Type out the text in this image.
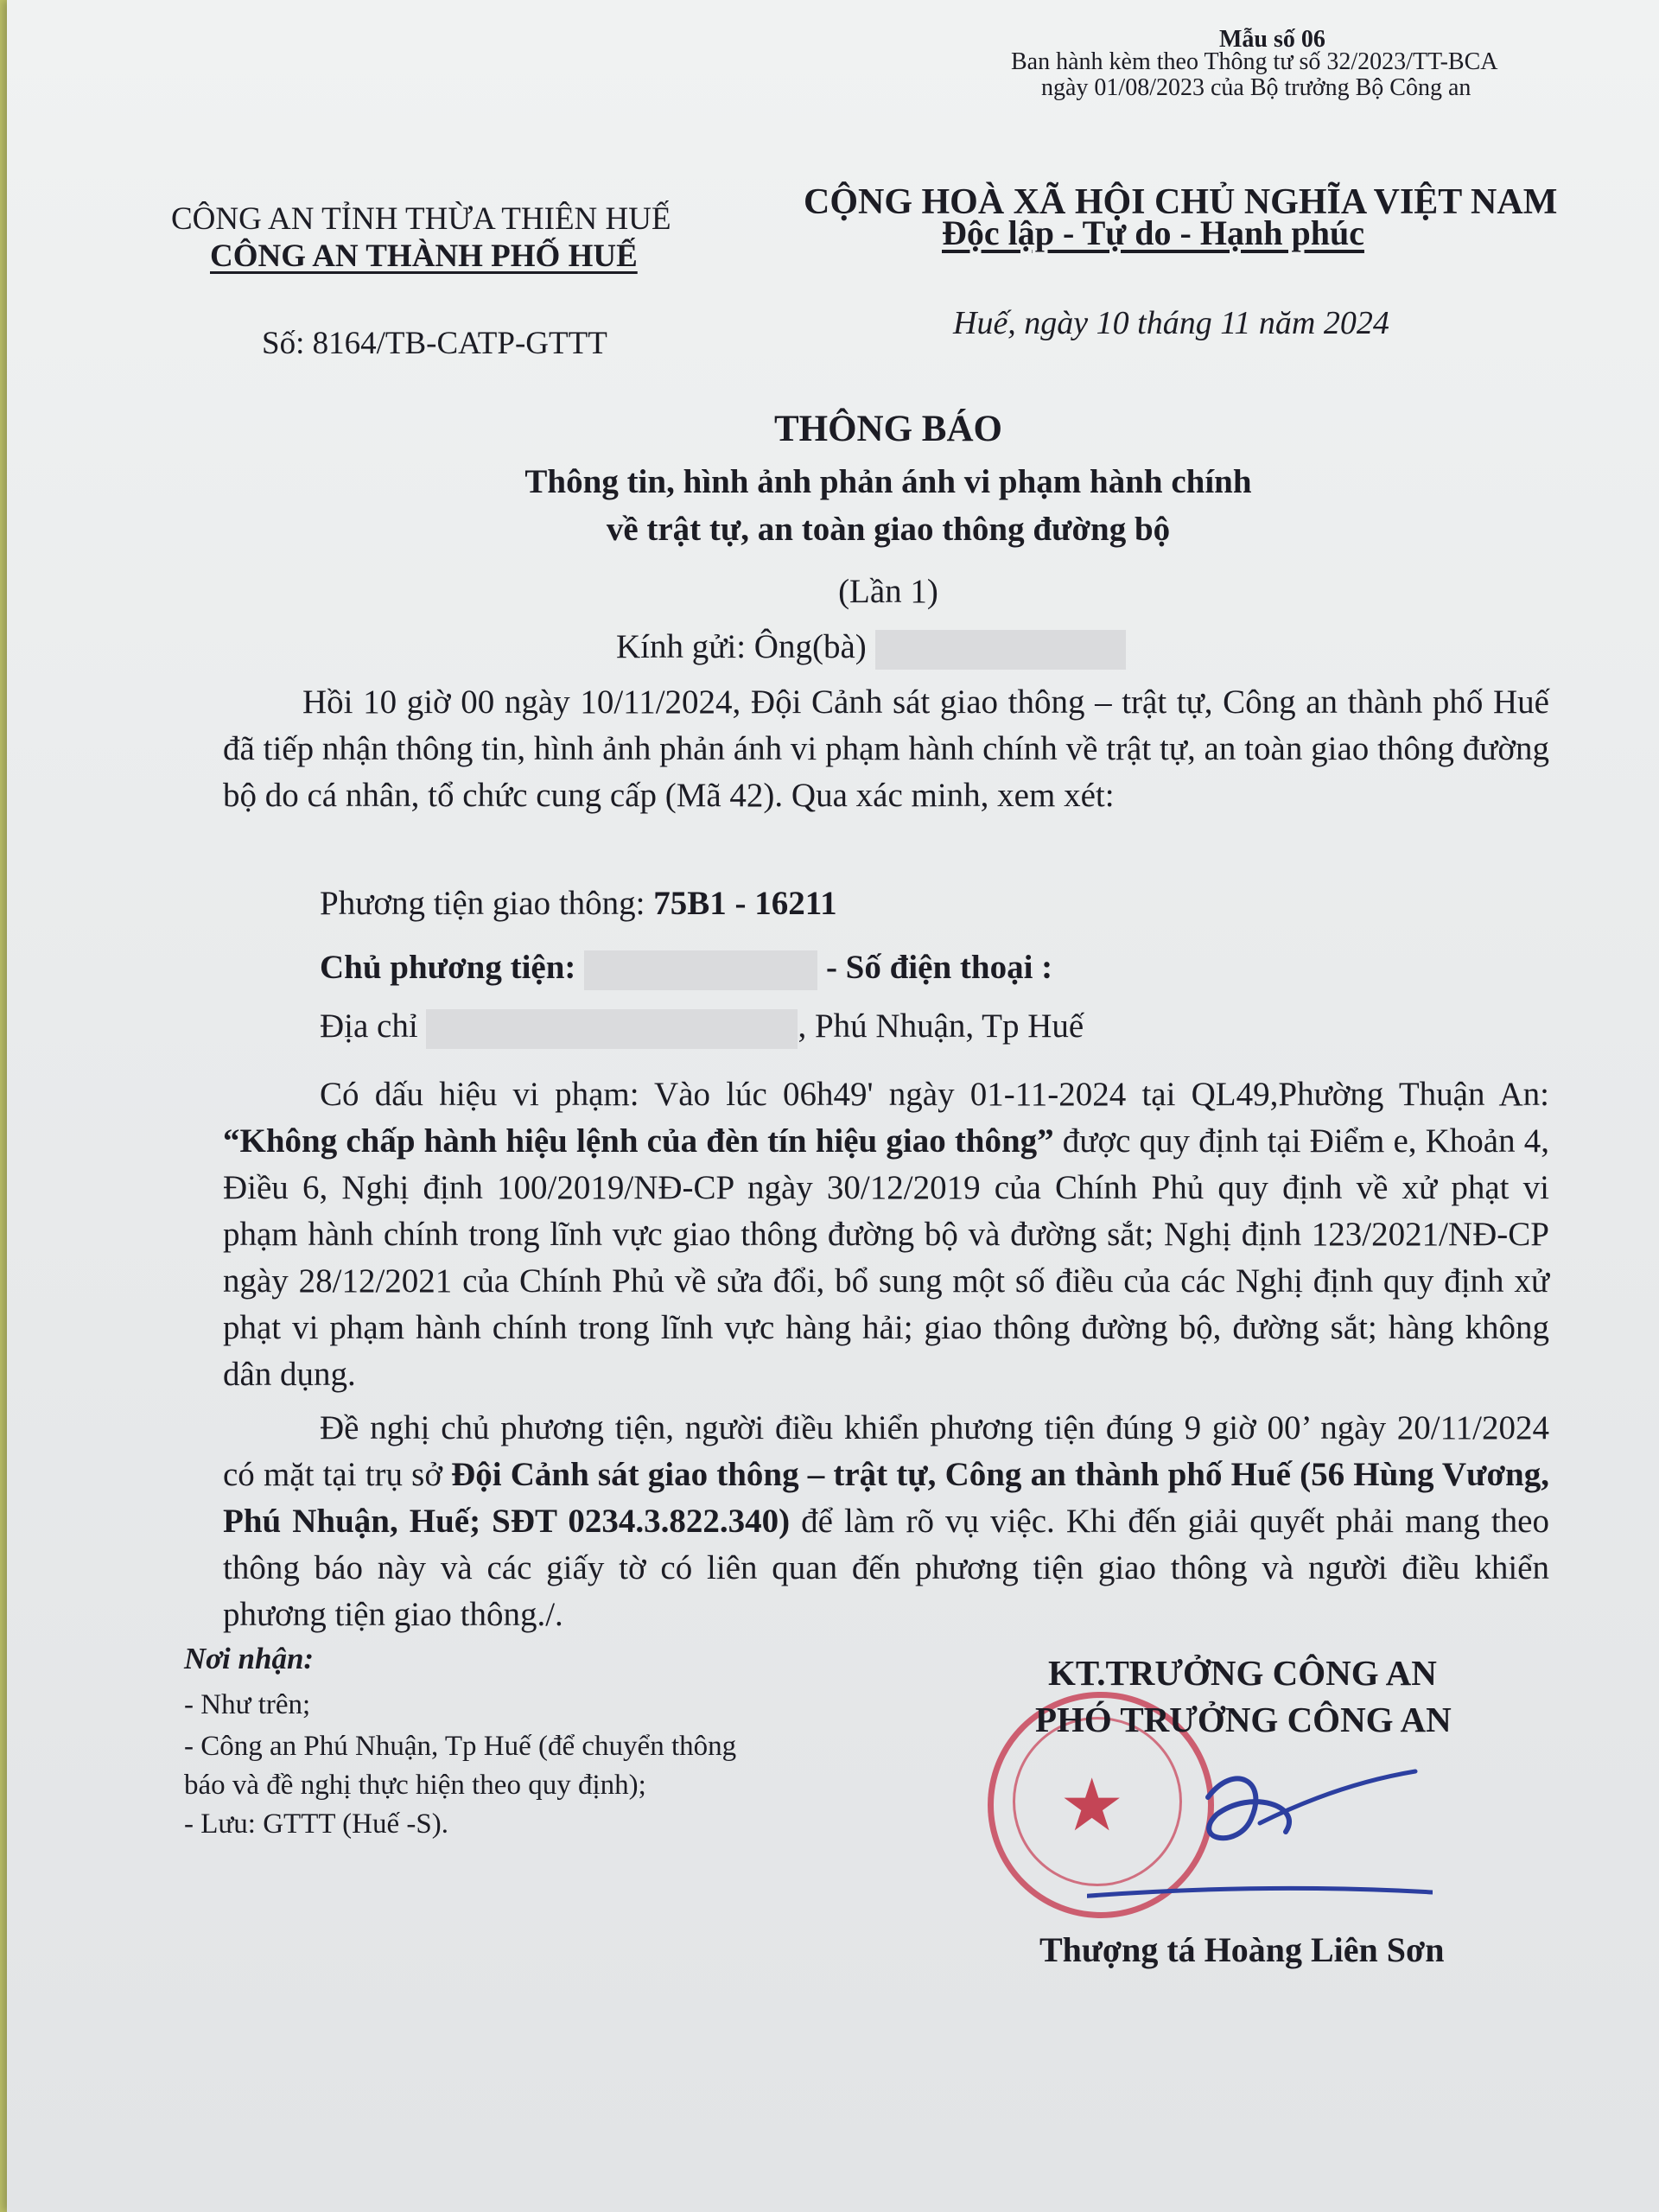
Mẫu số 06
Ban hành kèm theo Thông tư số 32/2023/TT-BCA
ngày 01/08/2023 của Bộ trưởng Bộ Công an
CÔNG AN TỈNH THỪA THIÊN HUẾ
CÔNG AN THÀNH PHỐ HUẾ
Số: 8164/TB-CATP-GTTT
CỘNG HOÀ XÃ HỘI CHỦ NGHĨA VIỆT NAM
Độc lập - Tự do - Hạnh phúc
Huế, ngày 10 tháng 11 năm 2024
THÔNG BÁO
Thông tin, hình ảnh phản ánh vi phạm hành chính
về trật tự, an toàn giao thông đường bộ
(Lần 1)
Kính gửi: Ông(bà)
Hồi 10 giờ 00 ngày 10/11/2024, Đội Cảnh sát giao thông – trật tự, Công an thành phố Huế đã tiếp nhận thông tin, hình ảnh phản ánh vi phạm hành chính về trật tự, an toàn giao thông đường bộ do cá nhân, tổ chức cung cấp (Mã 42). Qua xác minh, xem xét:
Phương tiện giao thông: 75B1 - 16211
Chủ phương tiện:	- Số điện thoại :
Địa chỉ	, Phú Nhuận, Tp Huế
Có dấu hiệu vi phạm: Vào lúc 06h49' ngày 01-11-2024 tại QL49,Phường Thuận An: “Không chấp hành hiệu lệnh của đèn tín hiệu giao thông” được quy định tại Điểm e, Khoản 4, Điều 6, Nghị định 100/2019/NĐ-CP ngày 30/12/2019 của Chính Phủ quy định về xử phạt vi phạm hành chính trong lĩnh vực giao thông đường bộ và đường sắt; Nghị định 123/2021/NĐ-CP ngày 28/12/2021 của Chính Phủ về sửa đổi, bổ sung một số điều của các Nghị định quy định xử phạt vi phạm hành chính trong lĩnh vực hàng hải; giao thông đường bộ, đường sắt; hàng không dân dụng.
Đề nghị chủ phương tiện, người điều khiển phương tiện đúng 9 giờ 00’ ngày 20/11/2024 có mặt tại trụ sở Đội Cảnh sát giao thông – trật tự, Công an thành phố Huế (56 Hùng Vương, Phú Nhuận, Huế; SĐT 0234.3.822.340) để làm rõ vụ việc. Khi đến giải quyết phải mang theo thông báo này và các giấy tờ có liên quan đến phương tiện giao thông và người điều khiển phương tiện giao thông./.
Nơi nhận:
- Như trên;
- Công an Phú Nhuận, Tp Huế (để chuyển thông
báo và đề nghị thực hiện theo quy định);
- Lưu: GTTT (Huế -S).	★
KT.TRƯỞNG CÔNG AN
PHÓ TRƯỞNG CÔNG AN
Thượng tá Hoàng Liên Sơn
